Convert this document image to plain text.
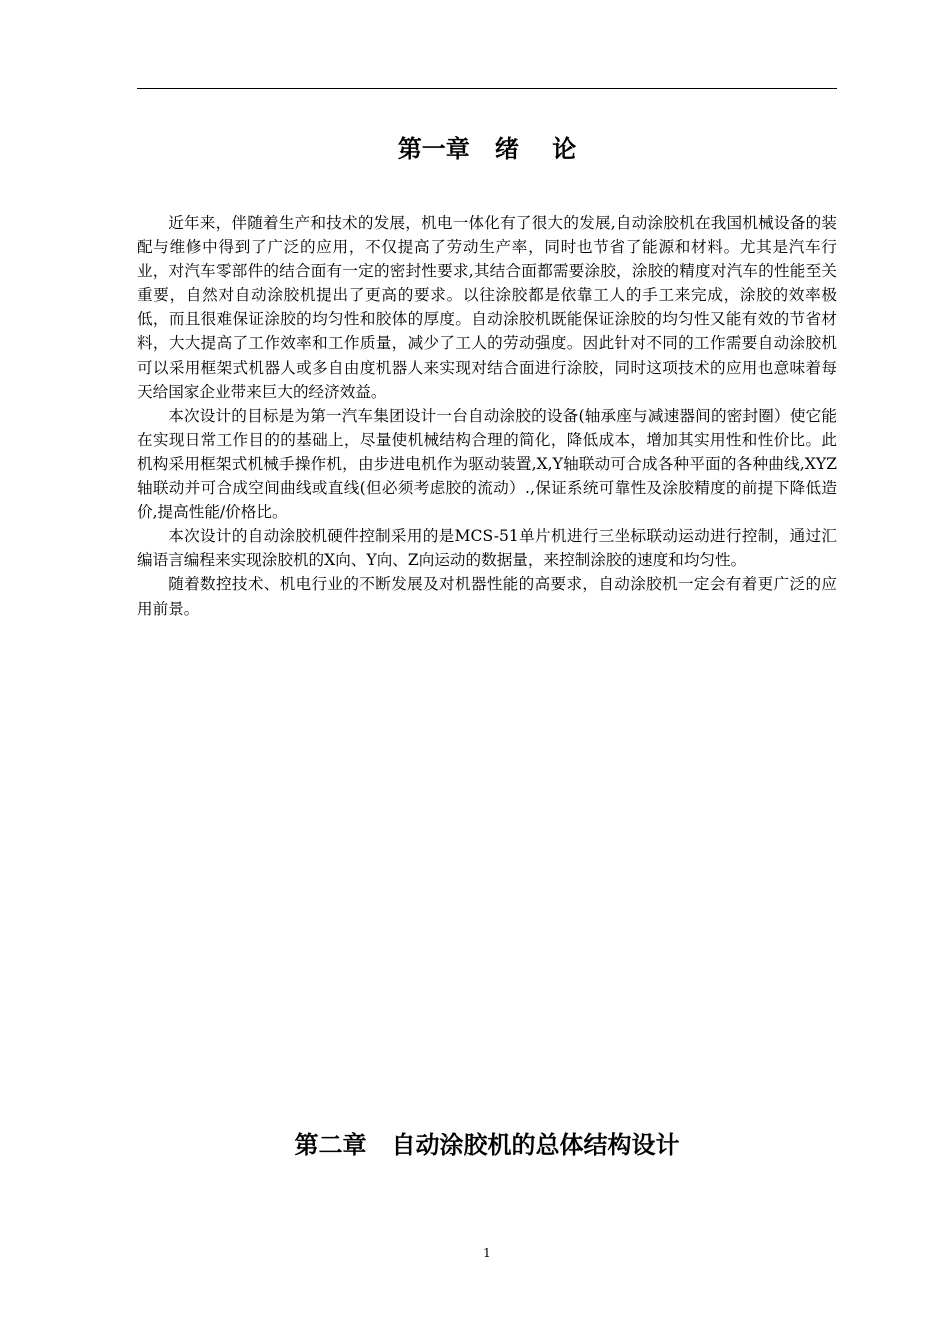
第一章   绪    论

近年来，伴随着生产和技术的发展，机电一体化有了很大的发展,自动涂胶机在我国机械设备的装配与维修中得到了广泛的应用，不仅提高了劳动生产率，同时也节省了能源和材料。尤其是汽车行业，对汽车零部件的结合面有一定的密封性要求,其结合面都需要涂胶，涂胶的精度对汽车的性能至关重要，自然对自动涂胶机提出了更高的要求。以往涂胶都是依靠工人的手工来完成，涂胶的效率极低，而且很难保证涂胶的均匀性和胶体的厚度。自动涂胶机既能保证涂胶的均匀性又能有效的节省材料，大大提高了工作效率和工作质量，减少了工人的劳动强度。因此针对不同的工作需要自动涂胶机可以采用框架式机器人或多自由度机器人来实现对结合面进行涂胶，同时这项技术的应用也意味着每天给国家企业带来巨大的经济效益。

本次设计的目标是为第一汽车集团设计一台自动涂胶的设备(轴承座与减速器间的密封圈）使它能在实现日常工作目的的基础上，尽量使机械结构合理的简化，降低成本，增加其实用性和性价比。此机构采用框架式机械手操作机，由步进电机作为驱动装置,X,Y轴联动可合成各种平面的各种曲线,XYZ轴联动并可合成空间曲线或直线(但必须考虑胶的流动）.,保证系统可靠性及涂胶精度的前提下降低造价,提高性能/价格比。

本次设计的自动涂胶机硬件控制采用的是MCS-51单片机进行三坐标联动运动进行控制，通过汇编语言编程来实现涂胶机的X向、Y向、Z向运动的数据量，来控制涂胶的速度和均匀性。

随着数控技术、机电行业的不断发展及对机器性能的高要求，自动涂胶机一定会有着更广泛的应用前景。

第二章   自动涂胶机的总体结构设计
1
